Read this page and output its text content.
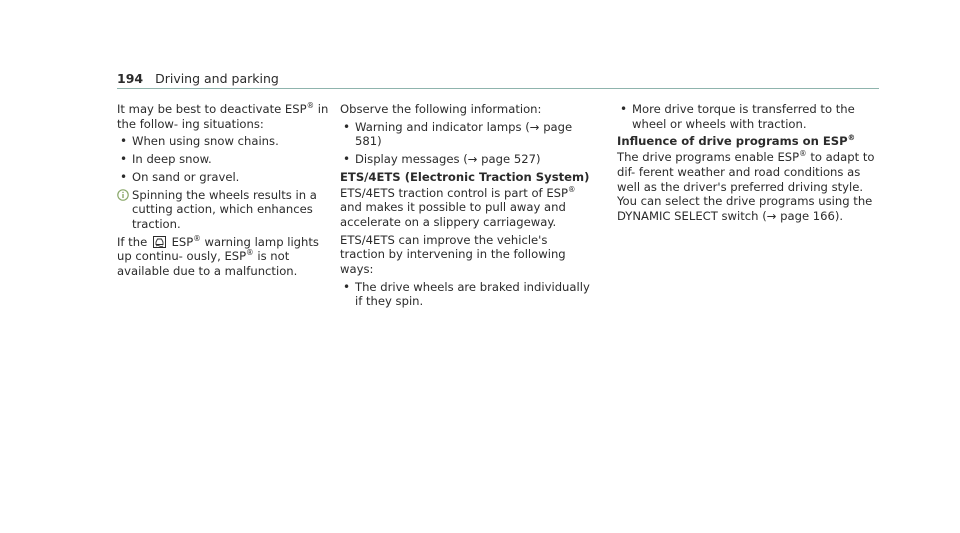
194 Driving and parking

It may be best to deactivate ESP® in the follow- ing situations:

• When using snow chains.
• In deep snow.
• On sand or gravel.
Spinning the wheels results in a cutting action, which enhances traction.

If the
ESP® warning lamp lights up continu- ously, ESP® is not available due to a malfunction.

Observe the following information:

• Warning and indicator lamps (→ page 581)
• Display messages (→ page 527)
ETS/4ETS (Electronic Traction System)

ETS/4ETS traction control is part of ESP® and makes it possible to pull away and accelerate on a slippery carriageway.

ETS/4ETS can improve the vehicle's traction by intervening in the following ways:

• The drive wheels are braked individually if they spin.
• More drive torque is transferred to the wheel or wheels with traction.
Influence of drive programs on ESP®

The drive programs enable ESP® to adapt to dif- ferent weather and road conditions as well as the driver's preferred driving style. You can select the drive programs using the DYNAMIC SELECT switch (→ page 166).
